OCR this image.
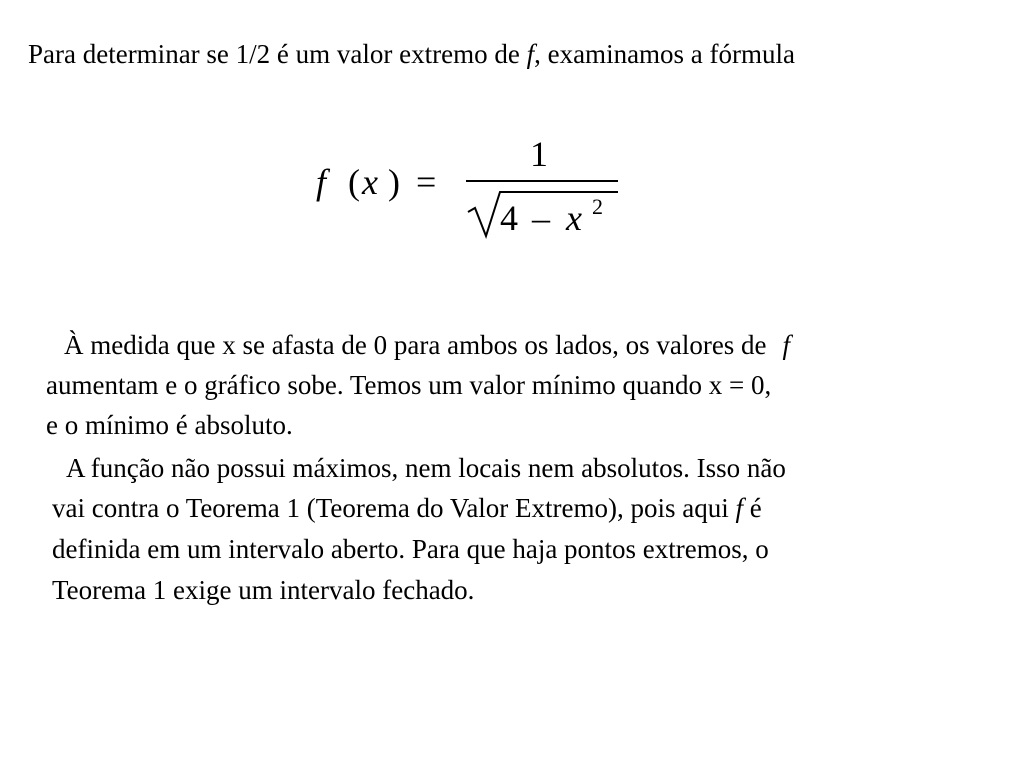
Para determinar se 1/2 é um valor extremo de f, examinamos a fórmula
f ( x ) =
1
4 – x 2
À medida que x se afasta de 0 para ambos os lados, os valores de f
aumentam e o gráfico sobe. Temos um valor mínimo quando x = 0,
e o mínimo é absoluto.
A função não possui máximos, nem locais nem absolutos. Isso não
vai contra o Teorema 1 (Teorema do Valor Extremo), pois aqui f é
definida em um intervalo aberto. Para que haja pontos extremos, o
Teorema 1 exige um intervalo fechado.
